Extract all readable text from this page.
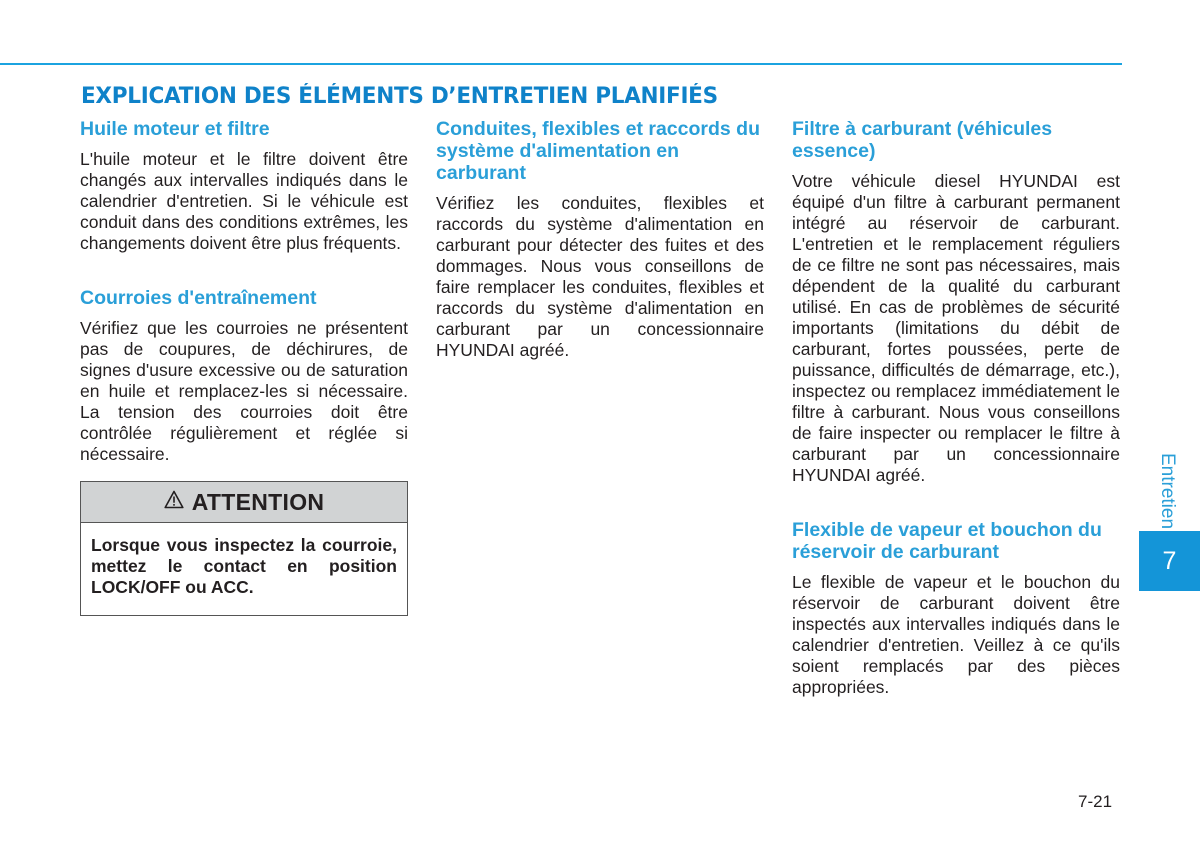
EXPLICATION DES ÉLÉMENTS D’ENTRETIEN PLANIFIÉS
Huile moteur et filtre

L'huile moteur et le filtre doivent être changés aux intervalles indiqués dans le calendrier d'entretien. Si le véhicule est conduit dans des conditions extrêmes, les changements doivent être plus fréquents.

Courroies d'entraînement

Vérifiez que les courroies ne présentent pas de coupures, de déchirures, de signes d'usure excessive ou de saturation en huile et remplacez-les si nécessaire. La tension des courroies doit être contrôlée régulièrement et réglée si nécessaire.

ATTENTION
Lorsque vous inspectez la courroie, mettez le contact en position LOCK/OFF ou ACC.
Conduites, flexibles et raccords du système d'alimentation en carburant

Vérifiez les conduites, flexibles et raccords du système d'alimentation en carburant pour détecter des fuites et des dommages. Nous vous conseillons de faire remplacer les conduites, flexibles et raccords du système d'alimentation en carburant par un concessionnaire HYUNDAI agréé.

Filtre à carburant (véhicules essence)

Votre véhicule diesel HYUNDAI est équipé d'un filtre à carburant permanent intégré au réservoir de carburant. L'entretien et le remplacement réguliers de ce filtre ne sont pas nécessaires, mais dépendent de la qualité du carburant utilisé. En cas de problèmes de sécurité importants (limitations du débit de carburant, fortes poussées, perte de puissance, difficultés de démarrage, etc.), inspectez ou remplacez immédiatement le filtre à carburant. Nous vous conseillons de faire inspecter ou remplacer le filtre à carburant par un concessionnaire HYUNDAI agréé.

Flexible de vapeur et bouchon du réservoir de carburant

Le flexible de vapeur et le bouchon du réservoir de carburant doivent être inspectés aux intervalles indiqués dans le calendrier d'entretien. Veillez à ce qu'ils soient remplacés par des pièces appropriées.

Entretien
7
7-21
